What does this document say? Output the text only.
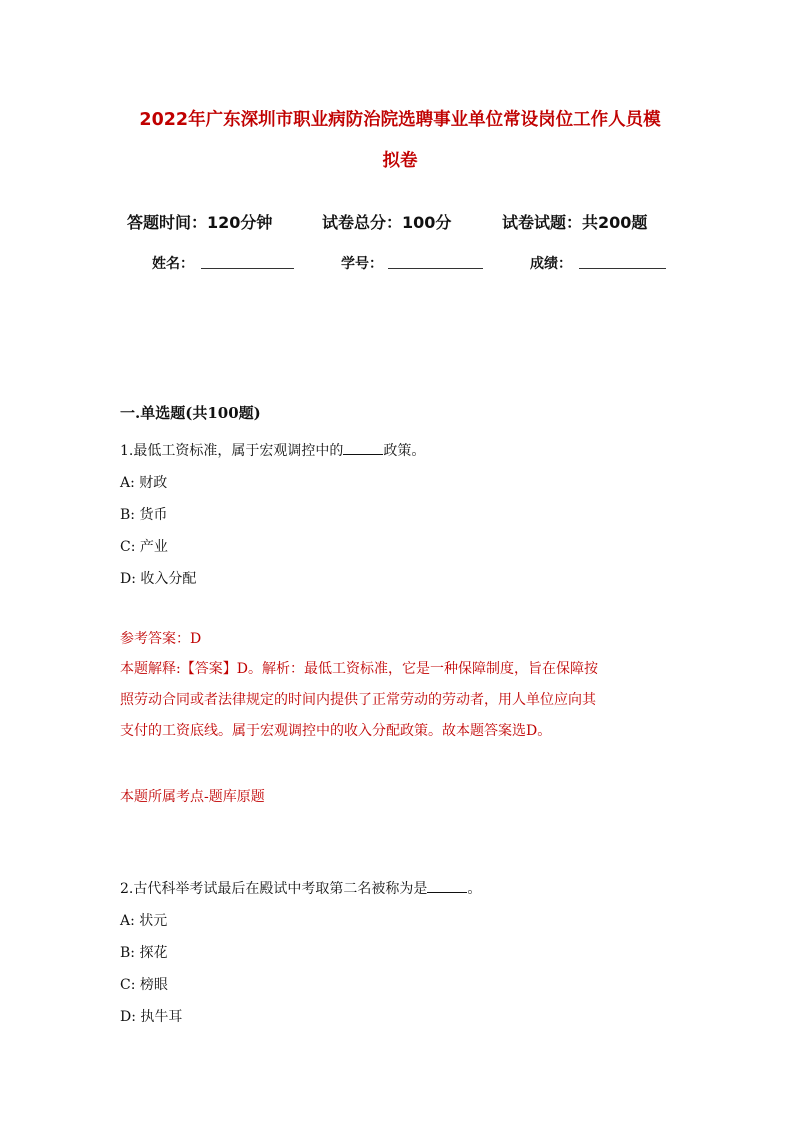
2022年广东深圳市职业病防治院选聘事业单位常设岗位工作人员模
拟卷
答题时间：120分钟	试卷总分：100分	试卷试题：共200题
姓名：	学号：	成绩：
一.单选题(共100题)
1.最低工资标准，属于宏观调控中的	政策。
A: 财政
B: 货币
C: 产业
D: 收入分配
参考答案：D
本题解释:【答案】D。解析：最低工资标准，它是一种保障制度，旨在保障按
照劳动合同或者法律规定的时间内提供了正常劳动的劳动者，用人单位应向其
支付的工资底线。属于宏观调控中的收入分配政策。故本题答案选D。
本题所属考点-题库原题
2.古代科举考试最后在殿试中考取第二名被称为是	。
A: 状元
B: 探花
C: 榜眼
D: 执牛耳
